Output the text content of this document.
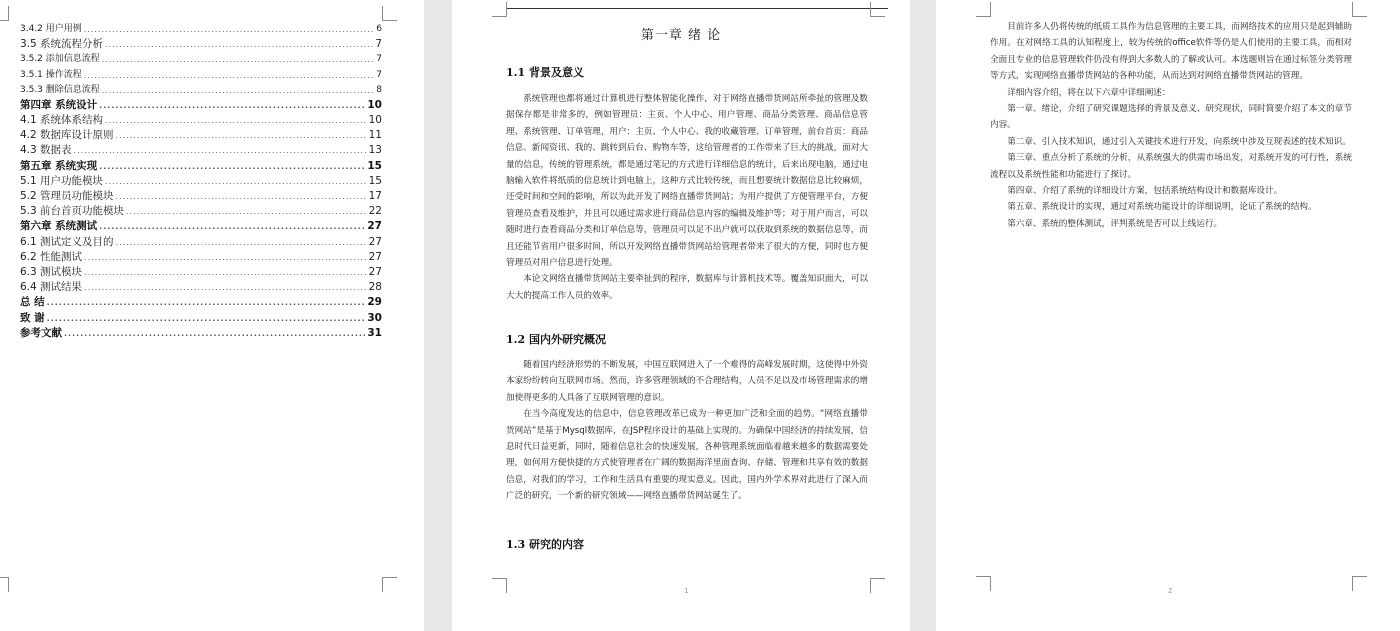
3.4.2 用户用例 .....	6
3.5 系统流程分析 .....	7
3.5.2 添加信息流程 .....	7
3.5.1 操作流程 .....	7
3.5.3 删除信息流程 .....	8
第四章 系统设计 .....	10
4.1 系统体系结构 .....	10
4.2 数据库设计原则 .....	11
4.3 数据表 .....	13
第五章 系统实现 .....	15
5.1 用户功能模块 .....	15
5.2 管理员功能模块 .....	17
5.3 前台首页功能模块 .....	22
第六章 系统测试 .....	27
6.1 测试定义及目的 .....	27
6.2 性能测试 .....	27
6.3 测试模块 .....	27
6.4 测试结果 .....	28
总 结 .....	29
致 谢 .....	30
参考文献 .....	31
第一章 绪 论
1.1 背景及意义

系统管理也都将通过计算机进行整体智能化操作，对于网络直播带货网站所牵扯的管理及数据保存都是非常多的，例如管理员：主页、个人中心、用户管理、商品分类管理、商品信息管理、系统管理、订单管理，用户：主页、个人中心、我的收藏管理、订单管理，前台首页：商品信息、新闻资讯、我的、跳转到后台、购物车等，这给管理者的工作带来了巨大的挑战，面对大量的信息，传统的管理系统，都是通过笔记的方式进行详细信息的统计，后来出现电脑，通过电脑输入软件将纸质的信息统计到电脑上，这种方式比较传统，而且想要统计数据信息比较麻烦，还受时间和空间的影响，所以为此开发了网络直播带货网站；为用户提供了方便管理平台，方便管理员查看及维护，并且可以通过需求进行商品信息内容的编辑及维护等；对于用户而言，可以随时进行查看商品分类和订单信息等，管理员可以足不出户就可以获取到系统的数据信息等，而且还能节省用户很多时间，所以开发网络直播带货网站给管理者带来了很大的方便，同时也方便管理员对用户信息进行处理。

本论文网络直播带货网站主要牵扯到的程序，数据库与计算机技术等。覆盖知识面大，可以大大的提高工作人员的效率。

1.2 国内外研究概况

随着国内经济形势的不断发展，中国互联网进入了一个难得的高峰发展时期，这使得中外资本家纷纷转向互联网市场。然而，许多管理领域的不合理结构，人员不足以及市场管理需求的增加使得更多的人具备了互联网管理的意识。

在当今高度发达的信息中，信息管理改革已成为一种更加广泛和全面的趋势。“网络直播带货网站”是基于Mysql数据库，在JSP程序设计的基础上实现的。为确保中国经济的持续发展，信息时代日益更新，同时，随着信息社会的快速发展，各种管理系统面临着越来越多的数据需要处理，如何用方便快捷的方式使管理者在广阔的数据海洋里面查询、存储、管理和共享有效的数据信息，对我们的学习，工作和生活具有重要的现实意义。因此，国内外学术界对此进行了深入而广泛的研究，一个新的研究领域——网络直播带货网站诞生了。

1.3 研究的内容
1

目前许多人仍将传统的纸质工具作为信息管理的主要工具，而网络技术的应用只是起到辅助作用。在对网络工具的认知程度上，较为传统的office软件等仍是人们使用的主要工具，而相对全面且专业的信息管理软件仍没有得到大多数人的了解或认可。本选题则旨在通过标签分类管理等方式，实现网络直播带货网站的各种功能，从而达到对网络直播带货网站的管理。

详细内容介绍，将在以下六章中详细阐述：

第一章、绪论，介绍了研究课题选择的背景及意义、研究现状，同时简要介绍了本文的章节内容。

第二章、引入技术知识，通过引入关键技术进行开发，向系统中涉及互现表述的技术知识。

第三章、重点分析了系统的分析，从系统强大的供需市场出发，对系统开发的可行性，系统流程以及系统性能和功能进行了探讨。

第四章、介绍了系统的详细设计方案，包括系统结构设计和数据库设计。

第五章、系统设计的实现，通过对系统功能设计的详细说明，论证了系统的结构。

第六章、系统的整体测试，评判系统是否可以上线运行。

2
